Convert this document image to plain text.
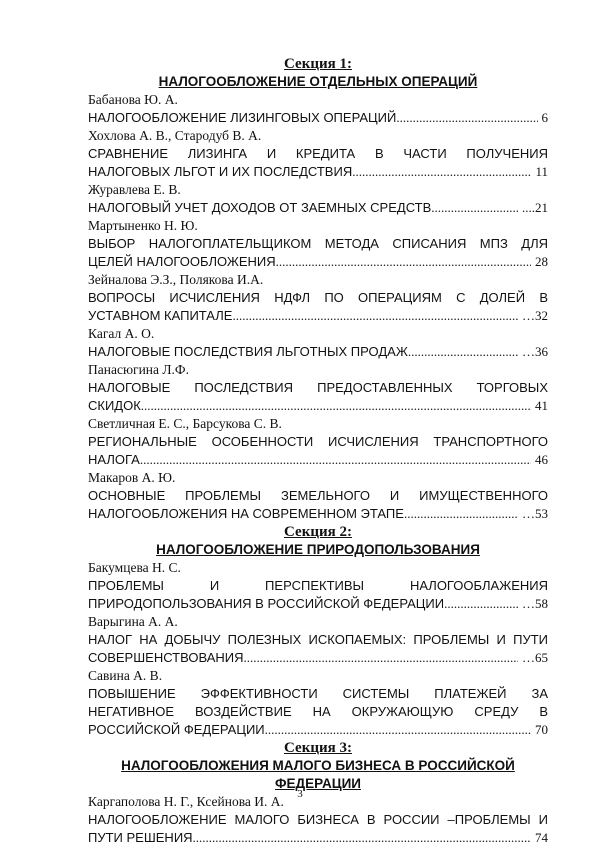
Секция 1:
НАЛОГООБЛОЖЕНИЕ ОТДЕЛЬНЫХ ОПЕРАЦИЙ
Бабанова Ю. А.
НАЛОГООБЛОЖЕНИЕ ЛИЗИНГОВЫХ ОПЕРАЦИЙ .....	6
Хохлова А. В., Стародуб В. А.
СРАВНЕНИЕ ЛИЗИНГА И КРЕДИТА В ЧАСТИ ПОЛУЧЕНИЯ
НАЛОГОВЫХ ЛЬГОТ И ИХ ПОСЛЕДСТВИЯ .....	11
Журавлева Е. В.
НАЛОГОВЫЙ УЧЕТ ДОХОДОВ ОТ ЗАЕМНЫХ СРЕДСТВ .....	....21
Мартыненко Н. Ю.
ВЫБОР НАЛОГОПЛАТЕЛЬЩИКОМ МЕТОДА СПИСАНИЯ МПЗ ДЛЯ
ЦЕЛЕЙ НАЛОГООБЛОЖЕНИЯ .....	28
Зейналова Э.З., Полякова И.А.
ВОПРОСЫ ИСЧИСЛЕНИЯ НДФЛ ПО ОПЕРАЦИЯМ С ДОЛЕЙ В
УСТАВНОМ КАПИТАЛЕ .....	…32
Кагал А. О.
НАЛОГОВЫЕ ПОСЛЕДСТВИЯ ЛЬГОТНЫХ ПРОДАЖ .....	…36
Панасюгина Л.Ф.
НАЛОГОВЫЕ ПОСЛЕДСТВИЯ ПРЕДОСТАВЛЕННЫХ ТОРГОВЫХ
СКИДОК .....	41
Светличная Е. С., Барсукова С. В.
РЕГИОНАЛЬНЫЕ ОСОБЕННОСТИ ИСЧИСЛЕНИЯ ТРАНСПОРТНОГО
НАЛОГА .....	46
Макаров А. Ю.
ОСНОВНЫЕ ПРОБЛЕМЫ ЗЕМЕЛЬНОГО И ИМУЩЕСТВЕННОГО
НАЛОГООБЛОЖЕНИЯ НА СОВРЕМЕННОМ ЭТАПЕ .....	…53
Секция 2:
НАЛОГООБЛОЖЕНИЕ ПРИРОДОПОЛЬЗОВАНИЯ
Бакумцева Н. С.
ПРОБЛЕМЫ И ПЕРСПЕКТИВЫ НАЛОГООБЛАЖЕНИЯ
ПРИРОДОПОЛЬЗОВАНИЯ В РОССИЙСКОЙ ФЕДЕРАЦИИ .....	…58
Варыгина А. А.
НАЛОГ НА ДОБЫЧУ ПОЛЕЗНЫХ ИСКОПАЕМЫХ: ПРОБЛЕМЫ И ПУТИ
СОВЕРШЕНСТВОВАНИЯ .....	…65
Савина А. В.
ПОВЫШЕНИЕ ЭФФЕКТИВНОСТИ СИСТЕМЫ ПЛАТЕЖЕЙ ЗА
НЕГАТИВНОЕ ВОЗДЕЙСТВИЕ НА ОКРУЖАЮЩУЮ СРЕДУ В
РОССИЙСКОЙ ФЕДЕРАЦИИ .....	70
Секция 3:
НАЛОГООБЛОЖЕНИЯ МАЛОГО БИЗНЕСА В РОССИЙСКОЙ ФЕДЕРАЦИИ
Каргаполова Н. Г., Ксейнова И. А.
НАЛОГООБЛОЖЕНИЕ МАЛОГО БИЗНЕСА В РОССИИ –ПРОБЛЕМЫ И
ПУТИ РЕШЕНИЯ .....	74
3
